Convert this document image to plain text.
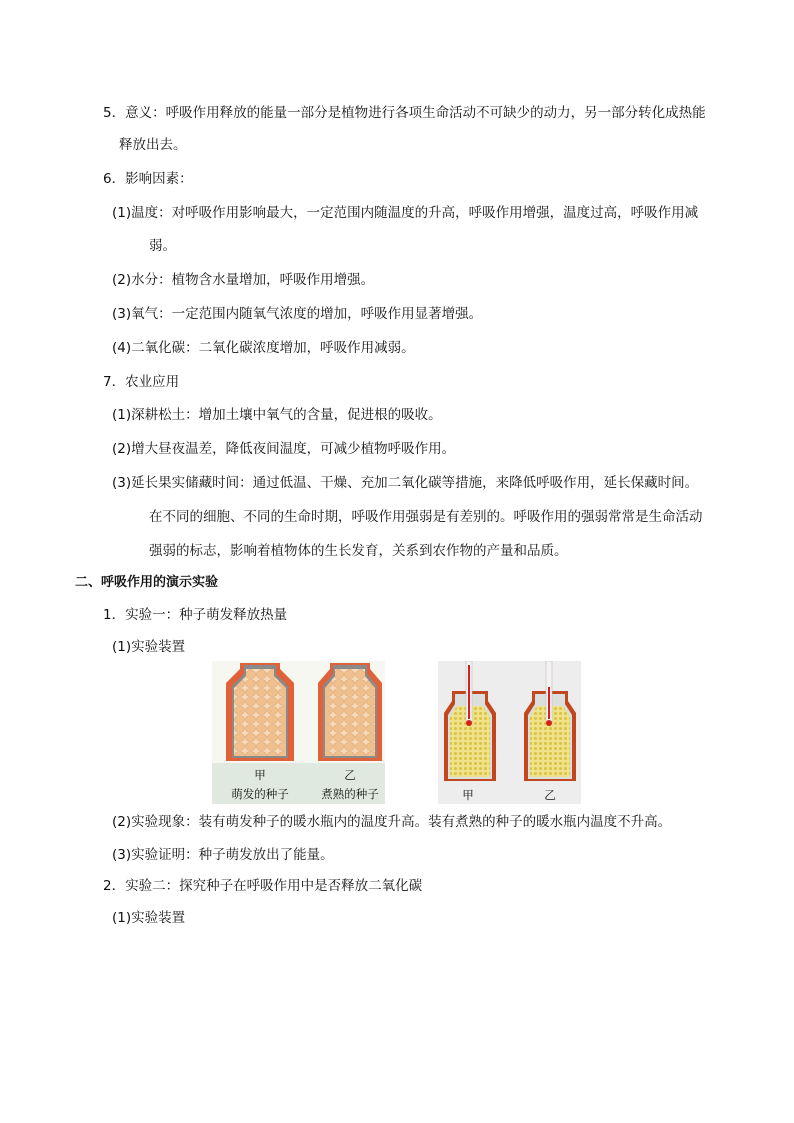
5．意义：呼吸作用释放的能量一部分是植物进行各项生命活动不可缺少的动力，另一部分转化成热能
释放出去。
6．影响因素：
(1)温度：对呼吸作用影响最大，一定范围内随温度的升高，呼吸作用增强，温度过高，呼吸作用减
弱。
(2)水分：植物含水量增加，呼吸作用增强。
(3)氧气：一定范围内随氧气浓度的增加，呼吸作用显著增强。
(4)二氧化碳：二氧化碳浓度增加，呼吸作用减弱。
7．农业应用
(1)深耕松土：增加土壤中氧气的含量，促进根的吸收。
(2)增大昼夜温差，降低夜间温度，可减少植物呼吸作用。
(3)延长果实储藏时间：通过低温、干燥、充加二氧化碳等措施，来降低呼吸作用，延长保藏时间。
在不同的细胞、不同的生命时期，呼吸作用强弱是有差别的。呼吸作用的强弱常常是生命活动
强弱的标志，影响着植物体的生长发育，关系到农作物的产量和品质。
二、呼吸作用的演示实验
1．实验一：种子萌发释放热量
(1)实验装置
甲	乙
萌发的种子	煮熟的种子	甲	乙
(2)实验现象：装有萌发种子的暖水瓶内的温度升高。装有煮熟的种子的暖水瓶内温度不升高。
(3)实验证明：种子萌发放出了能量。
2．实验二：探究种子在呼吸作用中是否释放二氧化碳
(1)实验装置
